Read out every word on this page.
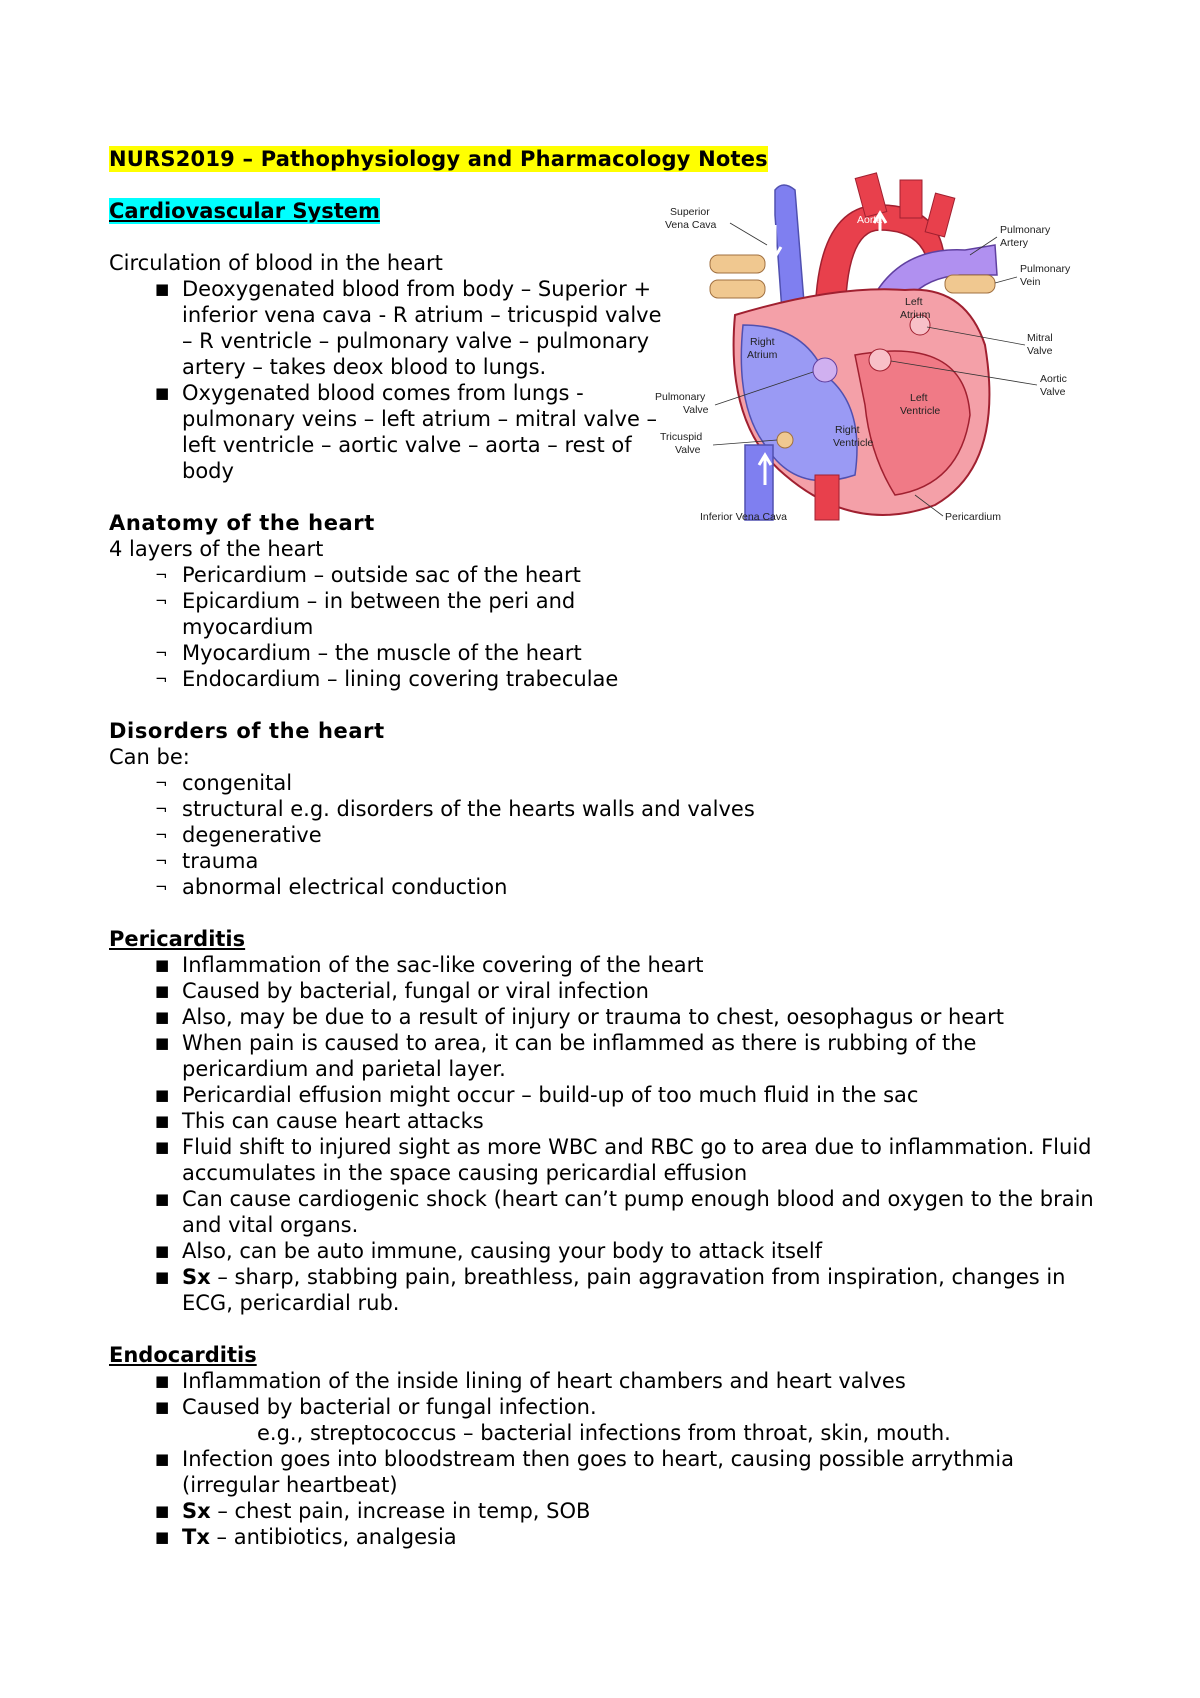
NURS2019 – Pathophysiology and Pharmacology Notes
Cardiovascular System
Circulation of blood in the heart
■ Deoxygenated blood from body – Superior + inferior vena cava - R atrium – tricuspid valve – R ventricle – pulmonary valve – pulmonary artery – takes deox blood to lungs.
■ Oxygenated blood comes from lungs - pulmonary veins – left atrium – mitral valve – left ventricle – aortic valve – aorta – rest of body
Anatomy of the heart
4 layers of the heart
¬ Pericardium – outside sac of the heart
¬ Epicardium – in between the peri and myocardium
¬ Myocardium – the muscle of the heart
¬ Endocardium – lining covering trabeculae
Disorders of the heart
Can be:
¬ congenital
¬ structural e.g. disorders of the hearts walls and valves
¬ degenerative
¬ trauma
¬ abnormal electrical conduction
Pericarditis
■ Inflammation of the sac-like covering of the heart
■ Caused by bacterial, fungal or viral infection
■ Also, may be due to a result of injury or trauma to chest, oesophagus or heart
■ When pain is caused to area, it can be inflammed as there is rubbing of the pericardium and parietal layer.
■ Pericardial effusion might occur – build-up of too much fluid in the sac
■ This can cause heart attacks
■ Fluid shift to injured sight as more WBC and RBC go to area due to inflammation. Fluid accumulates in the space causing pericardial effusion
■ Can cause cardiogenic shock (heart can’t pump enough blood and oxygen to the brain and vital organs.
■ Also, can be auto immune, causing your body to attack itself
■ Sx – sharp, stabbing pain, breathless, pain aggravation from inspiration, changes in ECG, pericardial rub.
Endocarditis
■ Inflammation of the inside lining of heart chambers and heart valves
■ Caused by bacterial or fungal infection.
e.g., streptococcus – bacterial infections from throat, skin, mouth.
■ Infection goes into bloodstream then goes to heart, causing possible arrythmia (irregular heartbeat)
■ Sx – chest pain, increase in temp, SOB
■ Tx – antibiotics, analgesia
Superior
Vena Cava	Aorta
Pulmonary
Artery
Pulmonary
Vein
Left
Atrium
Right
Atrium
Mitral
Valve
Aortic
Valve
Pulmonary
Valve
Left
Ventricle
Right
Ventricle
Tricuspid
Valve
Inferior Vena Cava	Pericardium
